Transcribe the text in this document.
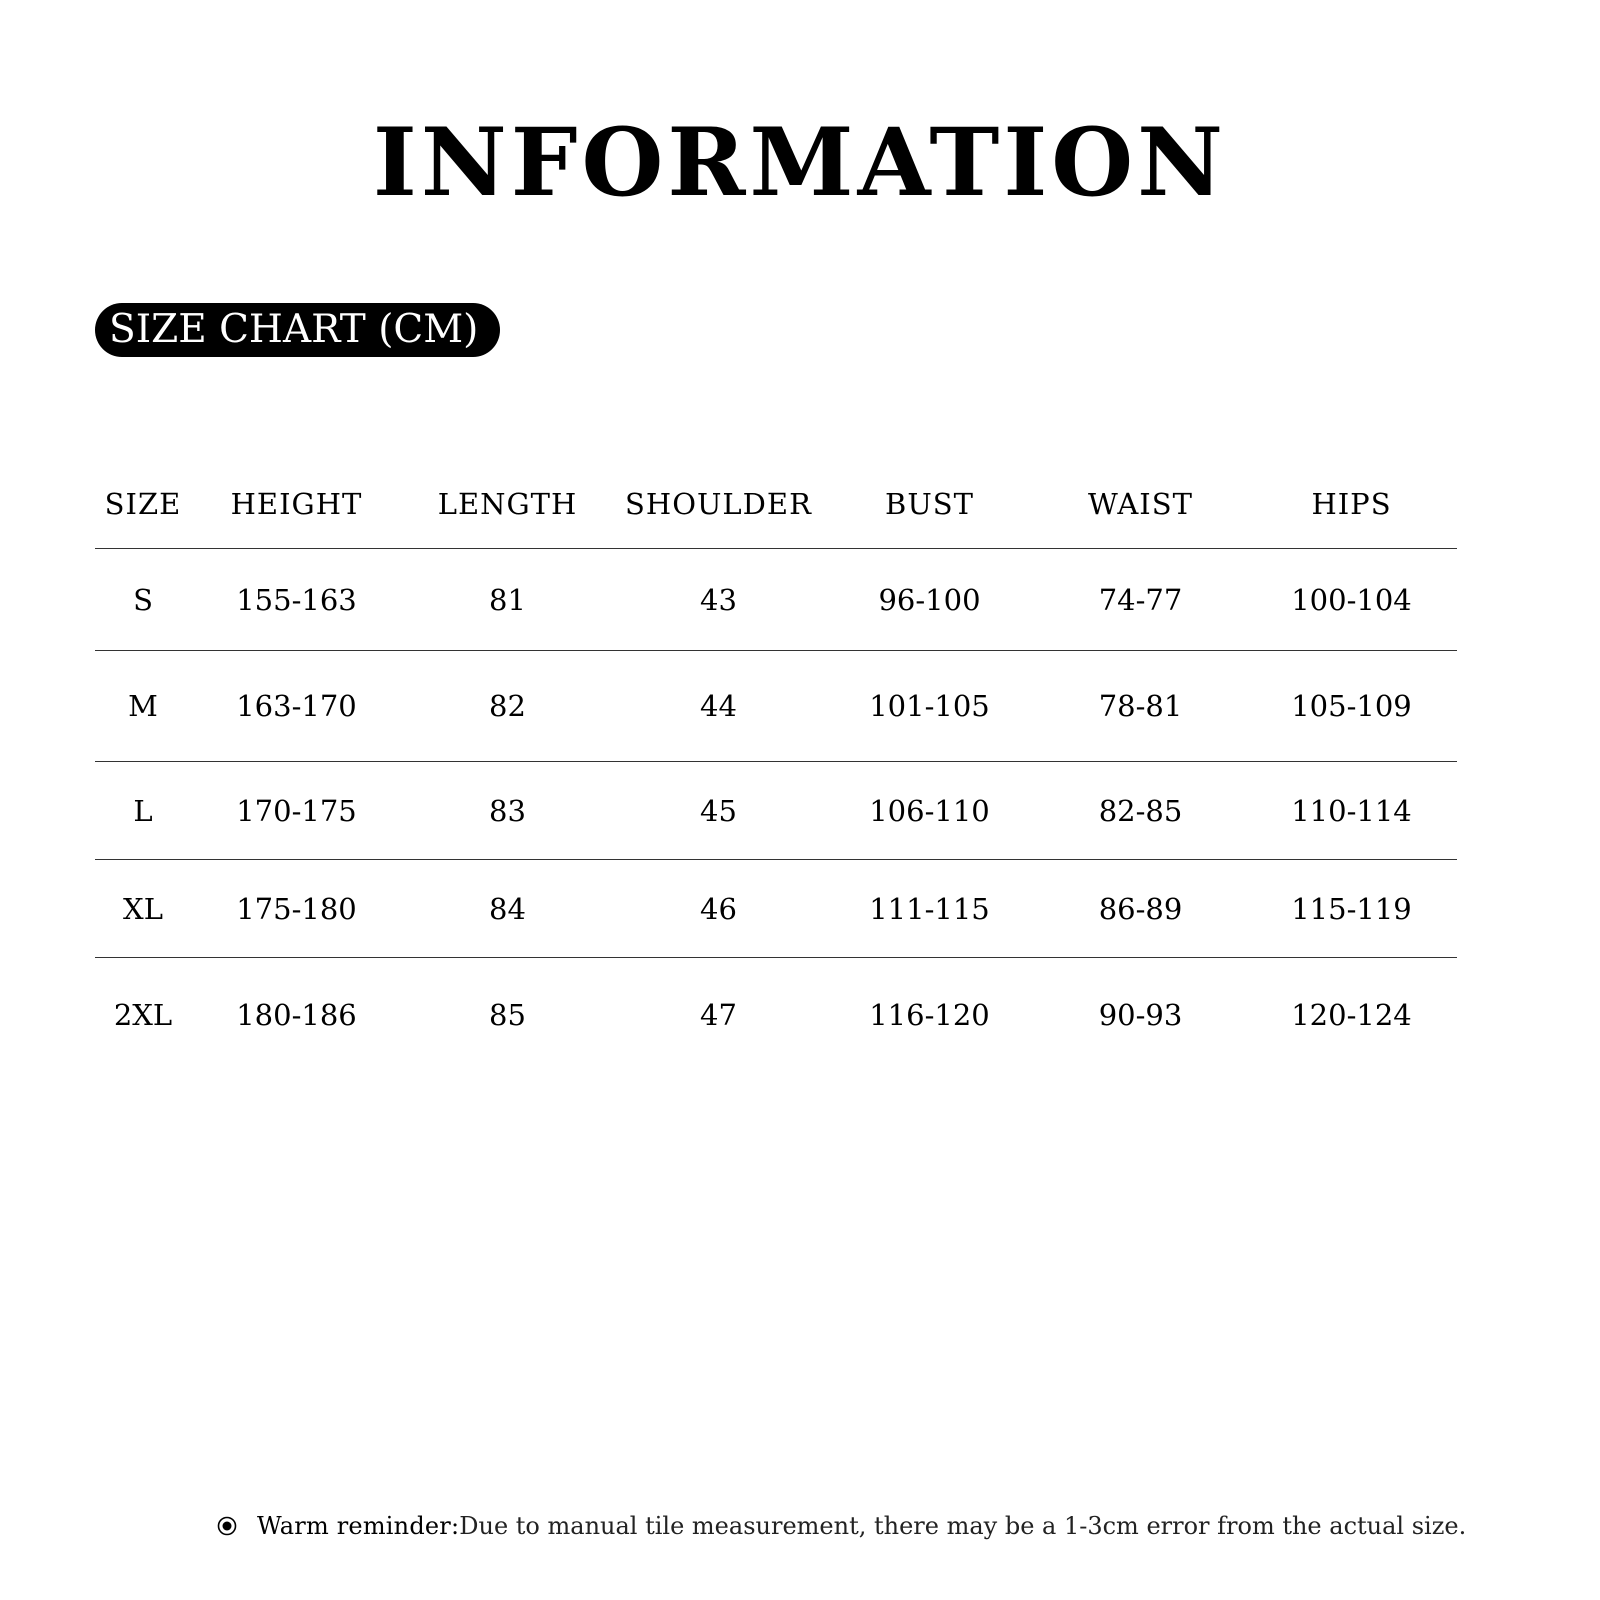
INFORMATION
SIZE CHART (CM)
SIZE	HEIGHT	LENGTH	SHOULDER	BUST	WAIST	HIPS
S	155-163	81	43	96-100	74-77	100-104
M	163-170	82	44	101-105	78-81	105-109
L	170-175	83	45	106-110	82-85	110-114
XL	175-180	84	46	111-115	86-89	115-119
2XL	180-186	85	47	116-120	90-93	120-124
Warm reminder: Due to manual tile measurement, there may be a 1-3cm error from the actual size.
